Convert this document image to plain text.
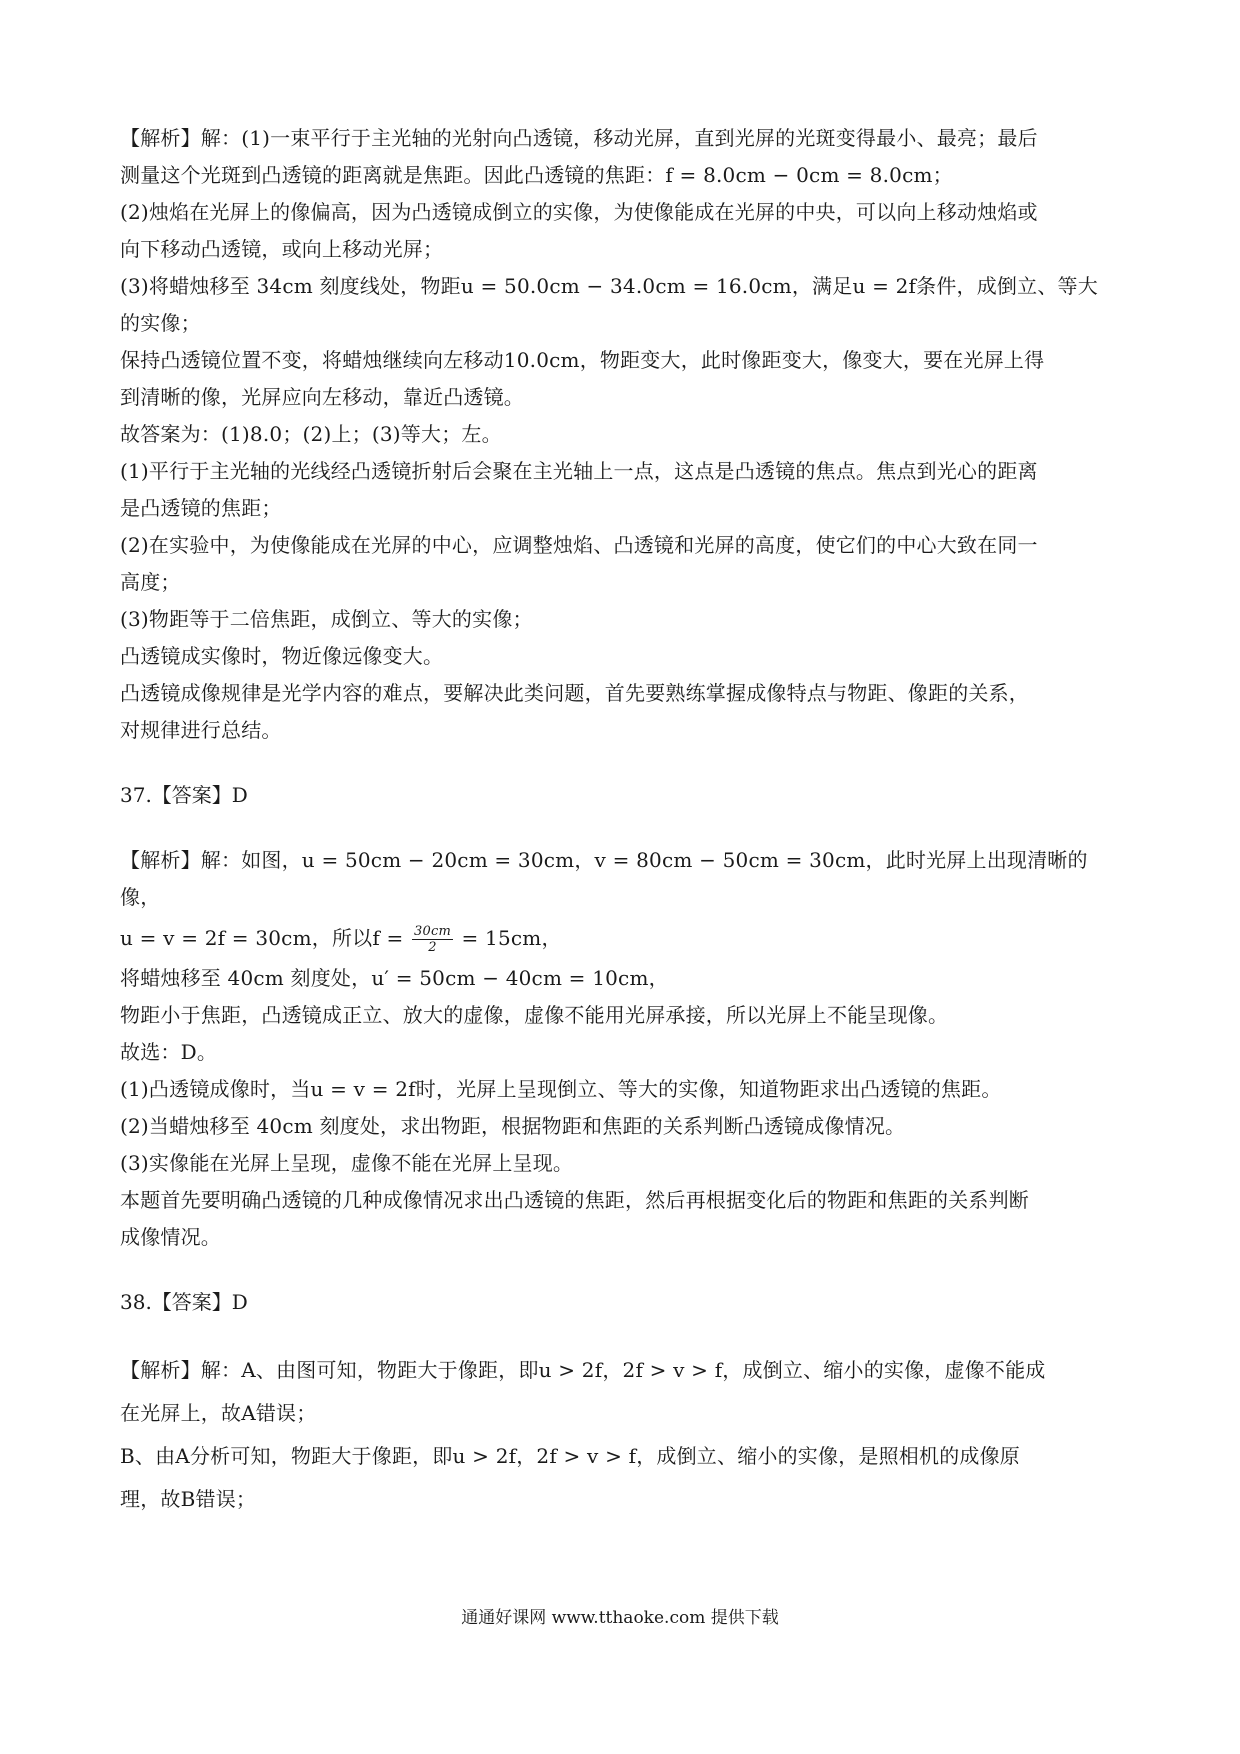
【解析】解：(1)一束平行于主光轴的光射向凸透镜，移动光屏，直到光屏的光斑变得最小、最亮；最后
测量这个光斑到凸透镜的距离就是焦距。因此凸透镜的焦距：f = 8.0cm − 0cm = 8.0cm；
(2)烛焰在光屏上的像偏高，因为凸透镜成倒立的实像，为使像能成在光屏的中央，可以向上移动烛焰或
向下移动凸透镜，或向上移动光屏；
(3)将蜡烛移至 34cm 刻度线处，物距u = 50.0cm − 34.0cm = 16.0cm，满足u = 2f条件，成倒立、等大
的实像；
保持凸透镜位置不变，将蜡烛继续向左移动10.0cm，物距变大，此时像距变大，像变大，要在光屏上得
到清晰的像，光屏应向左移动，靠近凸透镜。
故答案为：(1)8.0；(2)上；(3)等大；左。
(1)平行于主光轴的光线经凸透镜折射后会聚在主光轴上一点，这点是凸透镜的焦点。焦点到光心的距离
是凸透镜的焦距；
(2)在实验中，为使像能成在光屏的中心，应调整烛焰、凸透镜和光屏的高度，使它们的中心大致在同一
高度；
(3)物距等于二倍焦距，成倒立、等大的实像；
凸透镜成实像时，物近像远像变大。
凸透镜成像规律是光学内容的难点，要解决此类问题，首先要熟练掌握成像特点与物距、像距的关系，
对规律进行总结。
37.【答案】D
【解析】解：如图，u = 50cm − 20cm = 30cm，v = 80cm − 50cm = 30cm，此时光屏上出现清晰的
像，
u = v = 2f = 30cm，所以$f = \frac{30cm}{2} = 15cm$，
将蜡烛移至 40cm 刻度处，u′ = 50cm − 40cm = 10cm，
物距小于焦距，凸透镜成正立、放大的虚像，虚像不能用光屏承接，所以光屏上不能呈现像。
故选：D。
(1)凸透镜成像时，当u = v = 2f时，光屏上呈现倒立、等大的实像，知道物距求出凸透镜的焦距。
(2)当蜡烛移至 40cm 刻度处，求出物距，根据物距和焦距的关系判断凸透镜成像情况。
(3)实像能在光屏上呈现，虚像不能在光屏上呈现。
本题首先要明确凸透镜的几种成像情况求出凸透镜的焦距，然后再根据变化后的物距和焦距的关系判断
成像情况。
38.【答案】D
【解析】解：A、由图可知，物距大于像距，即u > 2f，2f > v > f，成倒立、缩小的实像，虚像不能成
在光屏上，故A错误；
B、由A分析可知，物距大于像距，即u > 2f，2f > v > f，成倒立、缩小的实像，是照相机的成像原
理，故B错误；
通通好课网 www.tthaoke.com 提供下载
